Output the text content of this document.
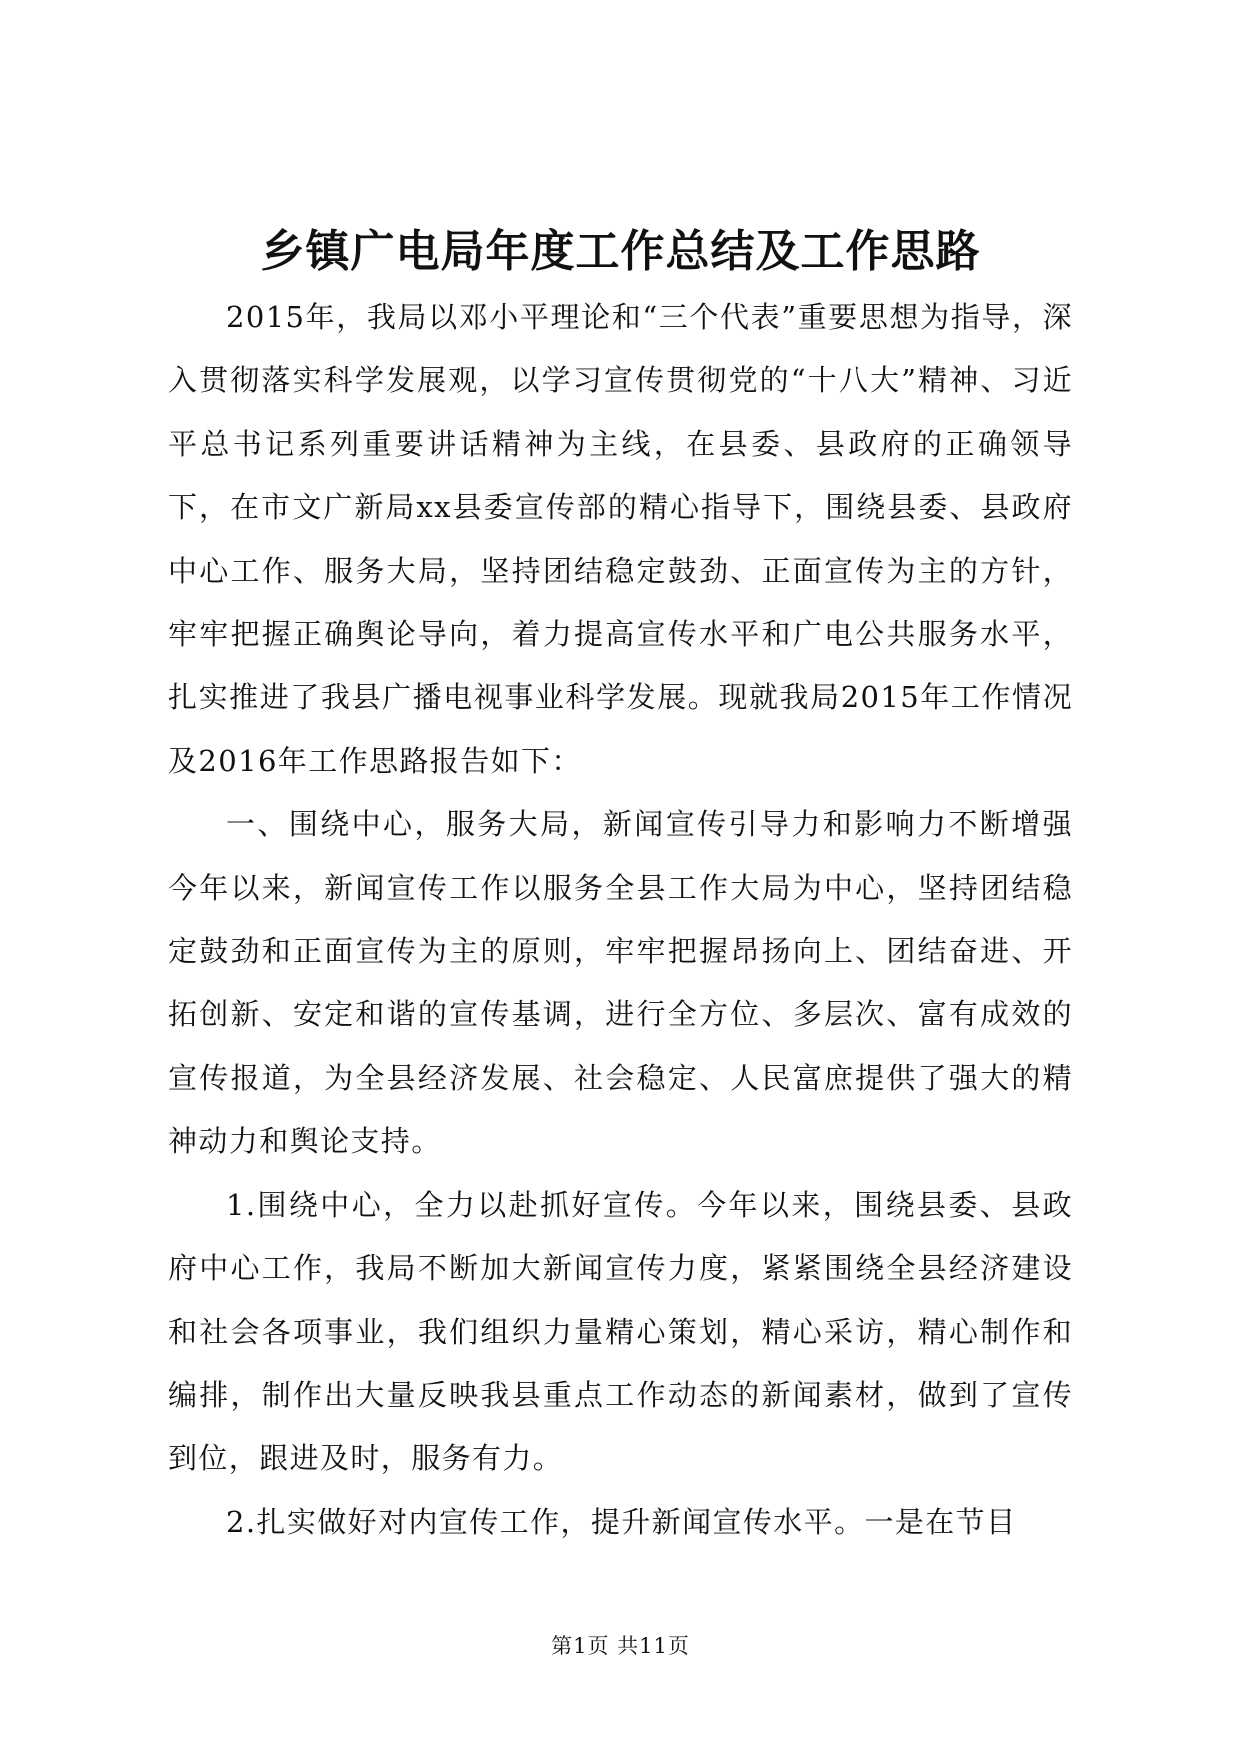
乡镇广电局年度工作总结及工作思路

2015年，我局以邓小平理论和“三个代表”重要思想为指导，深入贯彻落实科学发展观，以学习宣传贯彻党的“十八大”精神、习近平总书记系列重要讲话精神为主线，在县委、县政府的正确领导下，在市文广新局xx县委宣传部的精心指导下，围绕县委、县政府中心工作、服务大局，坚持团结稳定鼓劲、正面宣传为主的方针，牢牢把握正确舆论导向，着力提高宣传水平和广电公共服务水平，扎实推进了我县广播电视事业科学发展。现就我局2015年工作情况及2016年工作思路报告如下：

一、围绕中心，服务大局，新闻宣传引导力和影响力不断增强今年以来，新闻宣传工作以服务全县工作大局为中心，坚持团结稳定鼓劲和正面宣传为主的原则，牢牢把握昂扬向上、团结奋进、开拓创新、安定和谐的宣传基调，进行全方位、多层次、富有成效的宣传报道，为全县经济发展、社会稳定、人民富庶提供了强大的精神动力和舆论支持。

1.围绕中心，全力以赴抓好宣传。今年以来，围绕县委、县政府中心工作，我局不断加大新闻宣传力度，紧紧围绕全县经济建设和社会各项事业，我们组织力量精心策划，精心采访，精心制作和编排，制作出大量反映我县重点工作动态的新闻素材，做到了宣传到位，跟进及时，服务有力。

2.扎实做好对内宣传工作，提升新闻宣传水平。一是在节目

第1页 共11页
